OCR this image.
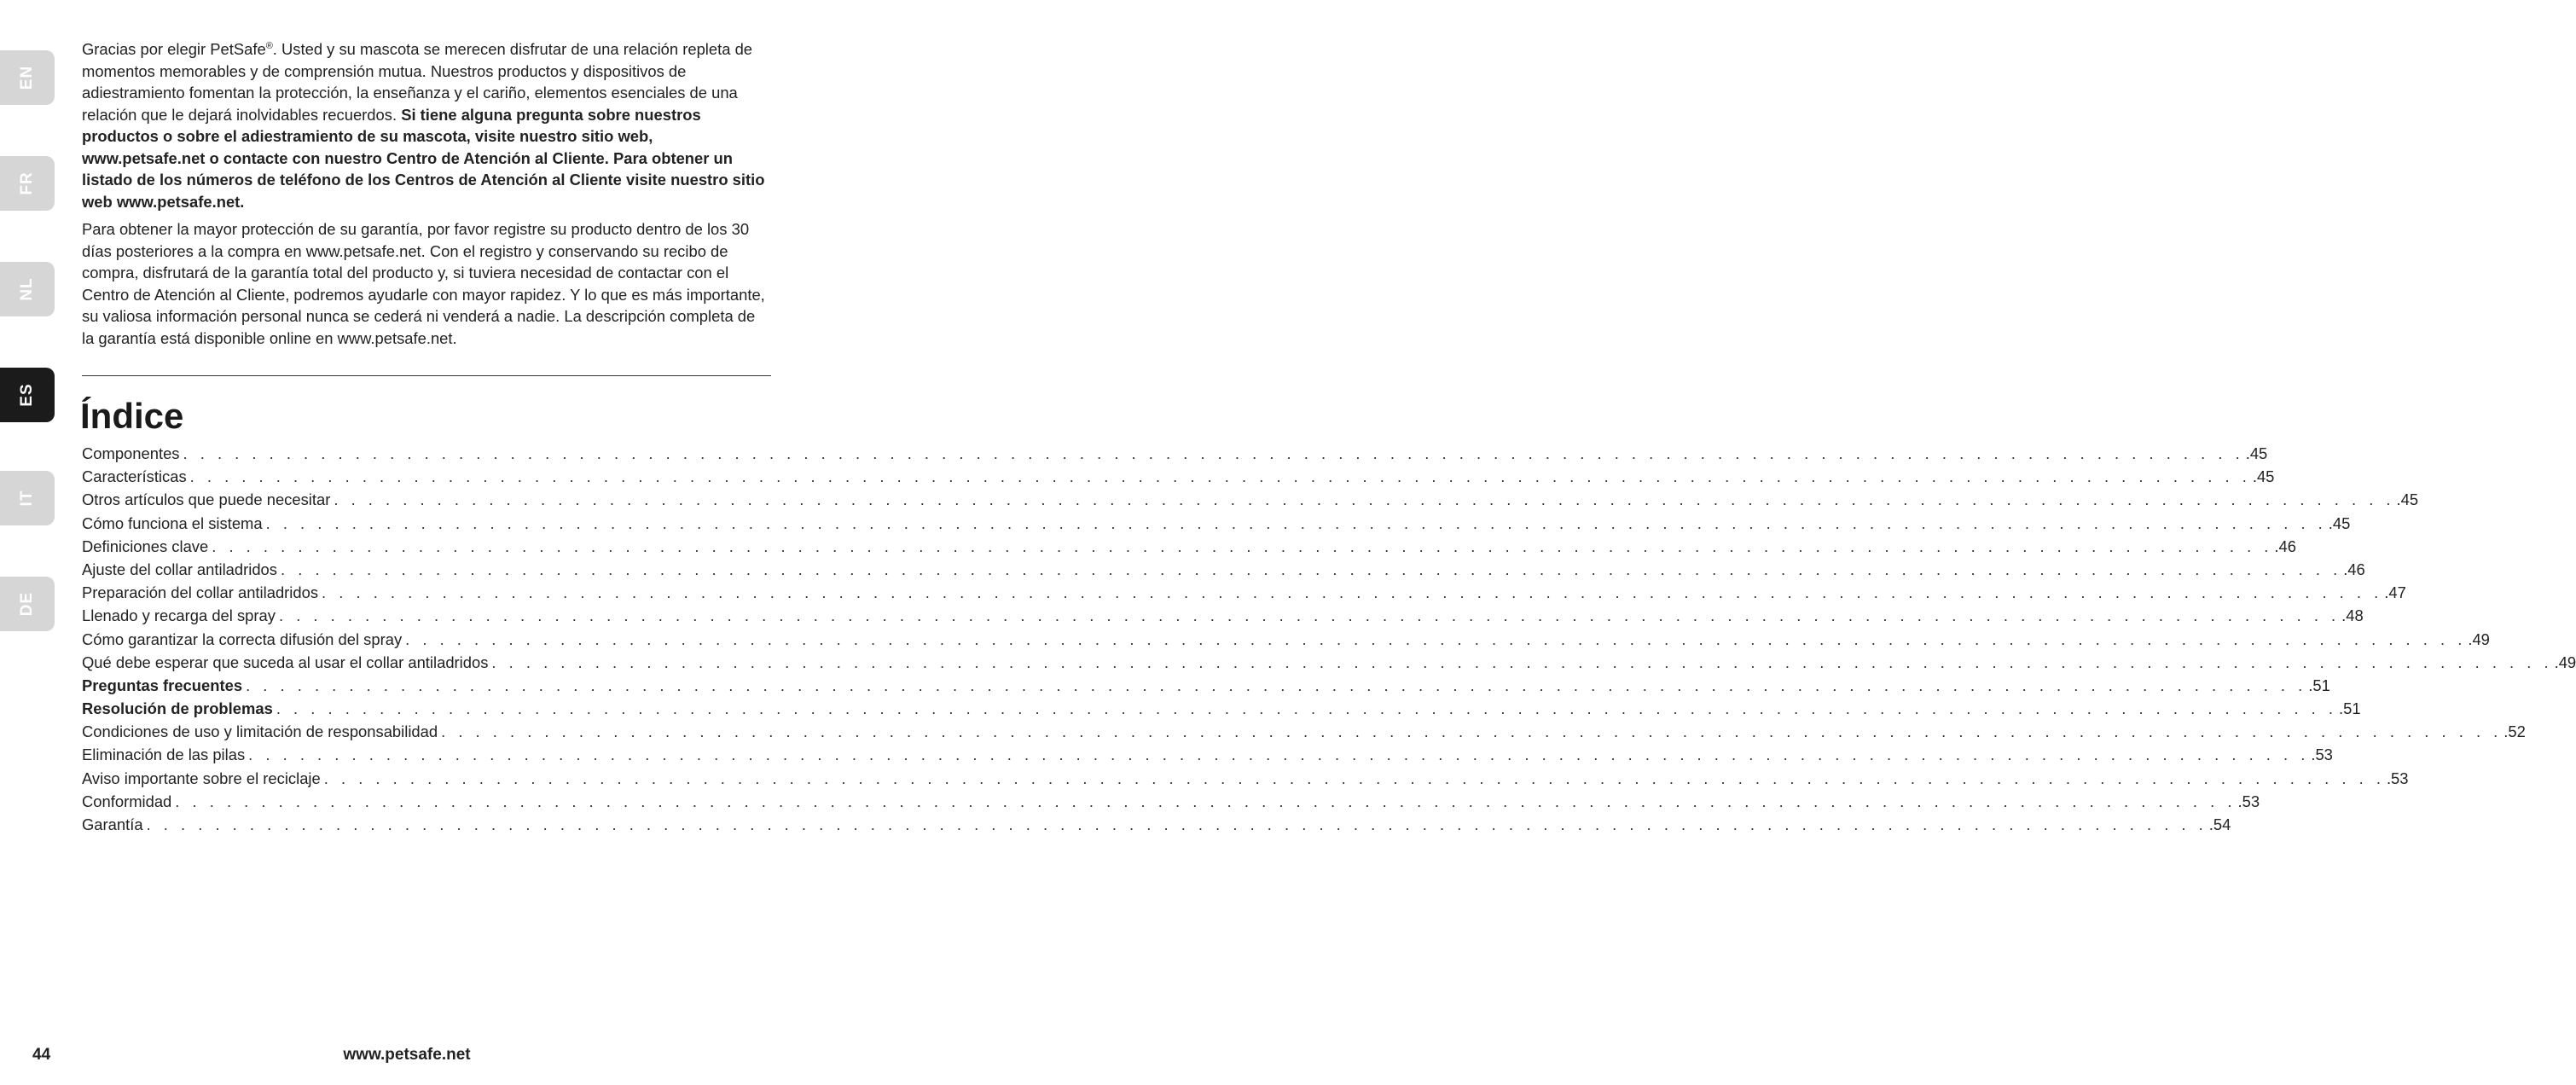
EN
FR
NL
ES
IT
DE

Gracias por elegir PetSafe®. Usted y su mascota se merecen disfrutar de una relación repleta de momentos memorables y de comprensión mutua. Nuestros productos y dispositivos de adiestramiento fomentan la protección, la enseñanza y el cariño, elementos esenciales de una relación que le dejará inolvidables recuerdos. Si tiene alguna pregunta sobre nuestros productos o sobre el adiestramiento de su mascota, visite nuestro sitio web, www.petsafe.net o contacte con nuestro Centro de Atención al Cliente. Para obtener un listado de los números de teléfono de los Centros de Atención al Cliente visite nuestro sitio web www.petsafe.net.

Para obtener la mayor protección de su garantía, por favor registre su producto dentro de los 30 días posteriores a la compra en www.petsafe.net. Con el registro y conservando su recibo de compra, disfrutará de la garantía total del producto y, si tuviera necesidad de contactar con el Centro de Atención al Cliente, podremos ayudarle con mayor rapidez. Y lo que es más importante, su valiosa información personal nunca se cederá ni venderá a nadie. La descripción completa de la garantía está disponible online en www.petsafe.net.

Índice
Componentes . . . . . . . . . . . . . . . . . . . . . . . . . . . . . . . . . . . . . . . . . . . . . . . . . . . . . . . . . . . . . . . . . . . . . . . . . . . . . . . . . . . . . . . . . . . . . . . . . . . . . . . . . . . . . . . . . . . . . . . . .45
Características . . . . . . . . . . . . . . . . . . . . . . . . . . . . . . . . . . . . . . . . . . . . . . . . . . . . . . . . . . . . . . . . . . . . . . . . . . . . . . . . . . . . . . . . . . . . . . . . . . . . . . . . . . . . . . . . . . . . . . . . .45
Otros artículos que puede necesitar . . . . . . . . . . . . . . . . . . . . . . . . . . . . . . . . . . . . . . . . . . . . . . . . . . . . . . . . . . . . . . . . . . . . . . . . . . . . . . . . . . . . . . . . . . . . . . . . . . . . . . . . . . . . . . . . . . . . . . . . .45
Cómo funciona el sistema . . . . . . . . . . . . . . . . . . . . . . . . . . . . . . . . . . . . . . . . . . . . . . . . . . . . . . . . . . . . . . . . . . . . . . . . . . . . . . . . . . . . . . . . . . . . . . . . . . . . . . . . . . . . . . . . . . . . . . . . .45
Definiciones clave . . . . . . . . . . . . . . . . . . . . . . . . . . . . . . . . . . . . . . . . . . . . . . . . . . . . . . . . . . . . . . . . . . . . . . . . . . . . . . . . . . . . . . . . . . . . . . . . . . . . . . . . . . . . . . . . . . . . . . . . .46
Ajuste del collar antiladridos . . . . . . . . . . . . . . . . . . . . . . . . . . . . . . . . . . . . . . . . . . . . . . . . . . . . . . . . . . . . . . . . . . . . . . . . . . . . . . . . . . . . . . . . . . . . . . . . . . . . . . . . . . . . . . . . . . . . . . . . .46
Preparación del collar antiladridos . . . . . . . . . . . . . . . . . . . . . . . . . . . . . . . . . . . . . . . . . . . . . . . . . . . . . . . . . . . . . . . . . . . . . . . . . . . . . . . . . . . . . . . . . . . . . . . . . . . . . . . . . . . . . . . . . . . . . . . . .47
Llenado y recarga del spray . . . . . . . . . . . . . . . . . . . . . . . . . . . . . . . . . . . . . . . . . . . . . . . . . . . . . . . . . . . . . . . . . . . . . . . . . . . . . . . . . . . . . . . . . . . . . . . . . . . . . . . . . . . . . . . . . . . . . . . . .48
Cómo garantizar la correcta difusión del spray . . . . . . . . . . . . . . . . . . . . . . . . . . . . . . . . . . . . . . . . . . . . . . . . . . . . . . . . . . . . . . . . . . . . . . . . . . . . . . . . . . . . . . . . . . . . . . . . . . . . . . . . . . . . . . . . . . . . . . . . .49
Qué debe esperar que suceda al usar el collar antiladridos . . . . . . . . . . . . . . . . . . . . . . . . . . . . . . . . . . . . . . . . . . . . . . . . . . . . . . . . . . . . . . . . . . . . . . . . . . . . . . . . . . . . . . . . . . . . . . . . . . . . . . . . . . . . . . . . . . . . . . . . .49
Preguntas frecuentes . . . . . . . . . . . . . . . . . . . . . . . . . . . . . . . . . . . . . . . . . . . . . . . . . . . . . . . . . . . . . . . . . . . . . . . . . . . . . . . . . . . . . . . . . . . . . . . . . . . . . . . . . . . . . . . . . . . . . . . . .51
Resolución de problemas . . . . . . . . . . . . . . . . . . . . . . . . . . . . . . . . . . . . . . . . . . . . . . . . . . . . . . . . . . . . . . . . . . . . . . . . . . . . . . . . . . . . . . . . . . . . . . . . . . . . . . . . . . . . . . . . . . . . . . . . .51
Condiciones de uso y limitación de responsabilidad . . . . . . . . . . . . . . . . . . . . . . . . . . . . . . . . . . . . . . . . . . . . . . . . . . . . . . . . . . . . . . . . . . . . . . . . . . . . . . . . . . . . . . . . . . . . . . . . . . . . . . . . . . . . . . . . . . . . . . . . .52
Eliminación de las pilas . . . . . . . . . . . . . . . . . . . . . . . . . . . . . . . . . . . . . . . . . . . . . . . . . . . . . . . . . . . . . . . . . . . . . . . . . . . . . . . . . . . . . . . . . . . . . . . . . . . . . . . . . . . . . . . . . . . . . . . . .53
Aviso importante sobre el reciclaje . . . . . . . . . . . . . . . . . . . . . . . . . . . . . . . . . . . . . . . . . . . . . . . . . . . . . . . . . . . . . . . . . . . . . . . . . . . . . . . . . . . . . . . . . . . . . . . . . . . . . . . . . . . . . . . . . . . . . . . . .53
Conformidad . . . . . . . . . . . . . . . . . . . . . . . . . . . . . . . . . . . . . . . . . . . . . . . . . . . . . . . . . . . . . . . . . . . . . . . . . . . . . . . . . . . . . . . . . . . . . . . . . . . . . . . . . . . . . . . . . . . . . . . . .53
Garantía . . . . . . . . . . . . . . . . . . . . . . . . . . . . . . . . . . . . . . . . . . . . . . . . . . . . . . . . . . . . . . . . . . . . . . . . . . . . . . . . . . . . . . . . . . . . . . . . . . . . . . . . . . . . . . . . . . . . . . . . .54
44	www.petsafe.net
